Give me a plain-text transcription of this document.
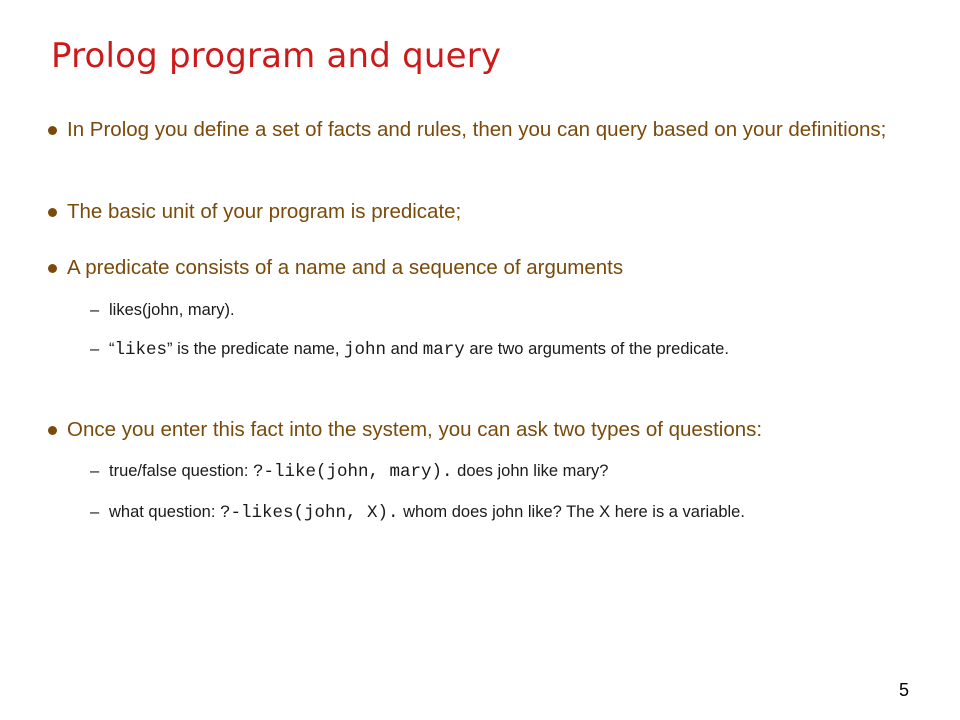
Prolog program and query
In Prolog you define a set of facts and rules, then you can query based on your definitions;
The basic unit of your program is predicate;
A predicate consists of a name and a sequence of arguments
– likes(john, mary).
– “likes” is the predicate name, john and mary are two arguments of the predicate.
Once you enter this fact into the system, you can ask two types of questions:
– true/false question: ?-like(john, mary). does john like mary?
– what question: ?-likes(john, X). whom does john like? The X here is a variable.
5
